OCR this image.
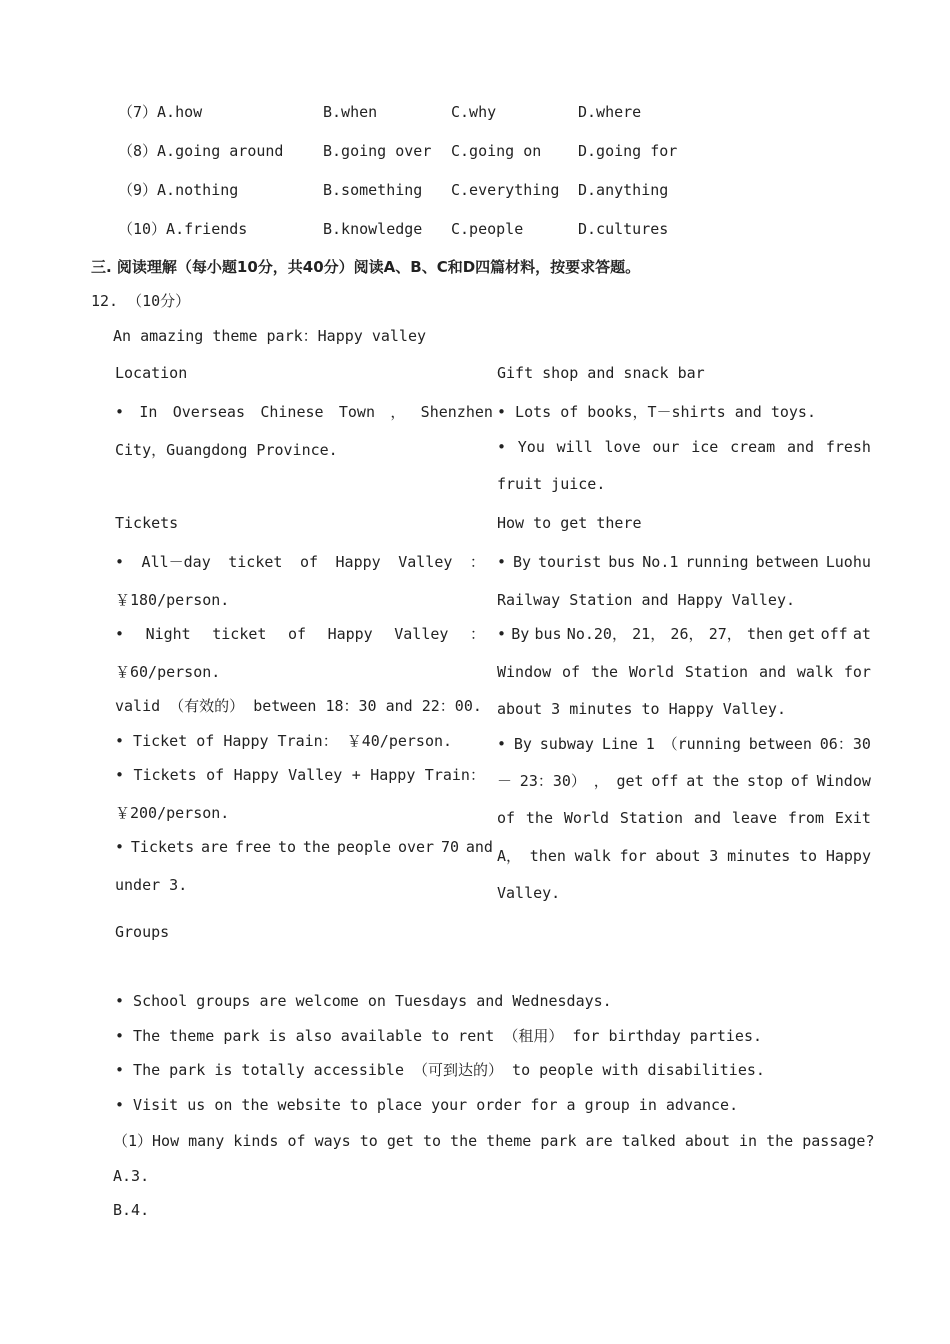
（7）A.how	B.when	C.why	D.where
（8）A.going around	B.going over C.going on D.going for
（9）A.nothing	B.something C.everything D.anything
（10）A.friends	B.knowledge C.people	D.cultures
三. 阅读理解（每小题10分，共40分）阅读A、B、C和D四篇材料，按要求答题。
12. （10分）
An amazing theme park：Happy valley
Location
• In Overseas Chinese Town ， Shenzhen
City，Guangdong Province.
Tickets
• All－day ticket of Happy Valley ：
￥180/person.
• Night ticket of Happy Valley ：
￥60/person.
valid （有效的） between 18：30 and 22：00.
• Ticket of Happy Train： ￥40/person.
• Tickets of Happy Valley + Happy Train：
￥200/person.
• Tickets are free to the people over 70 and
under 3.
Gift shop and snack bar
• Lots of books，T－shirts and toys.
• You will love our ice cream and fresh
fruit juice.
How to get there
• By tourist bus No.1 running between Luohu
Railway Station and Happy Valley.
• By bus No.20， 21， 26， 27， then get off at
Window of the World Station and walk for
about 3 minutes to Happy Valley.
• By subway Line 1 （running between 06：30
－ 23：30） ， get off at the stop of Window
of the World Station and leave from Exit
A， then walk for about 3 minutes to Happy
Valley.
Groups
• School groups are welcome on Tuesdays and Wednesdays.
• The theme park is also available to rent （租用） for birthday parties.
• The park is totally accessible （可到达的） to people with disabilities.
• Visit us on the website to place your order for a group in advance.
（1）How many kinds of ways to get to the theme park are talked about in the passage?
A.3.
B.4.
